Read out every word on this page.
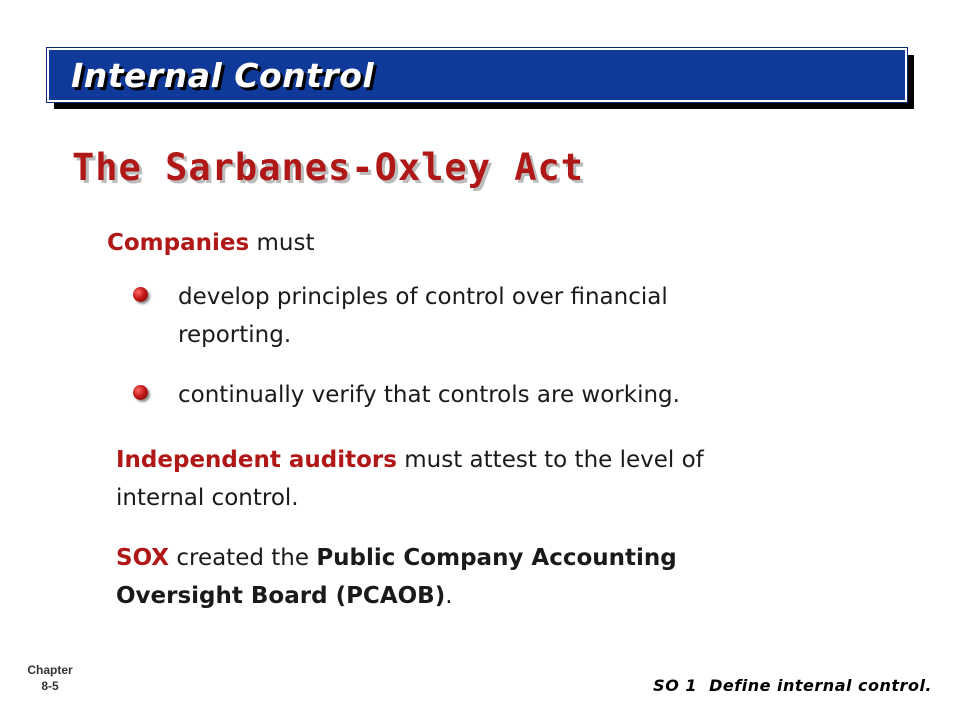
Internal Control
The Sarbanes-Oxley Act
Companies must
develop principles of control over financial
reporting.
continually verify that controls are working.
Independent auditors must attest to the level of
internal control.
SOX created the Public Company Accounting
Oversight Board (PCAOB).
Chapter
8-5	SO 1  Define internal control.
